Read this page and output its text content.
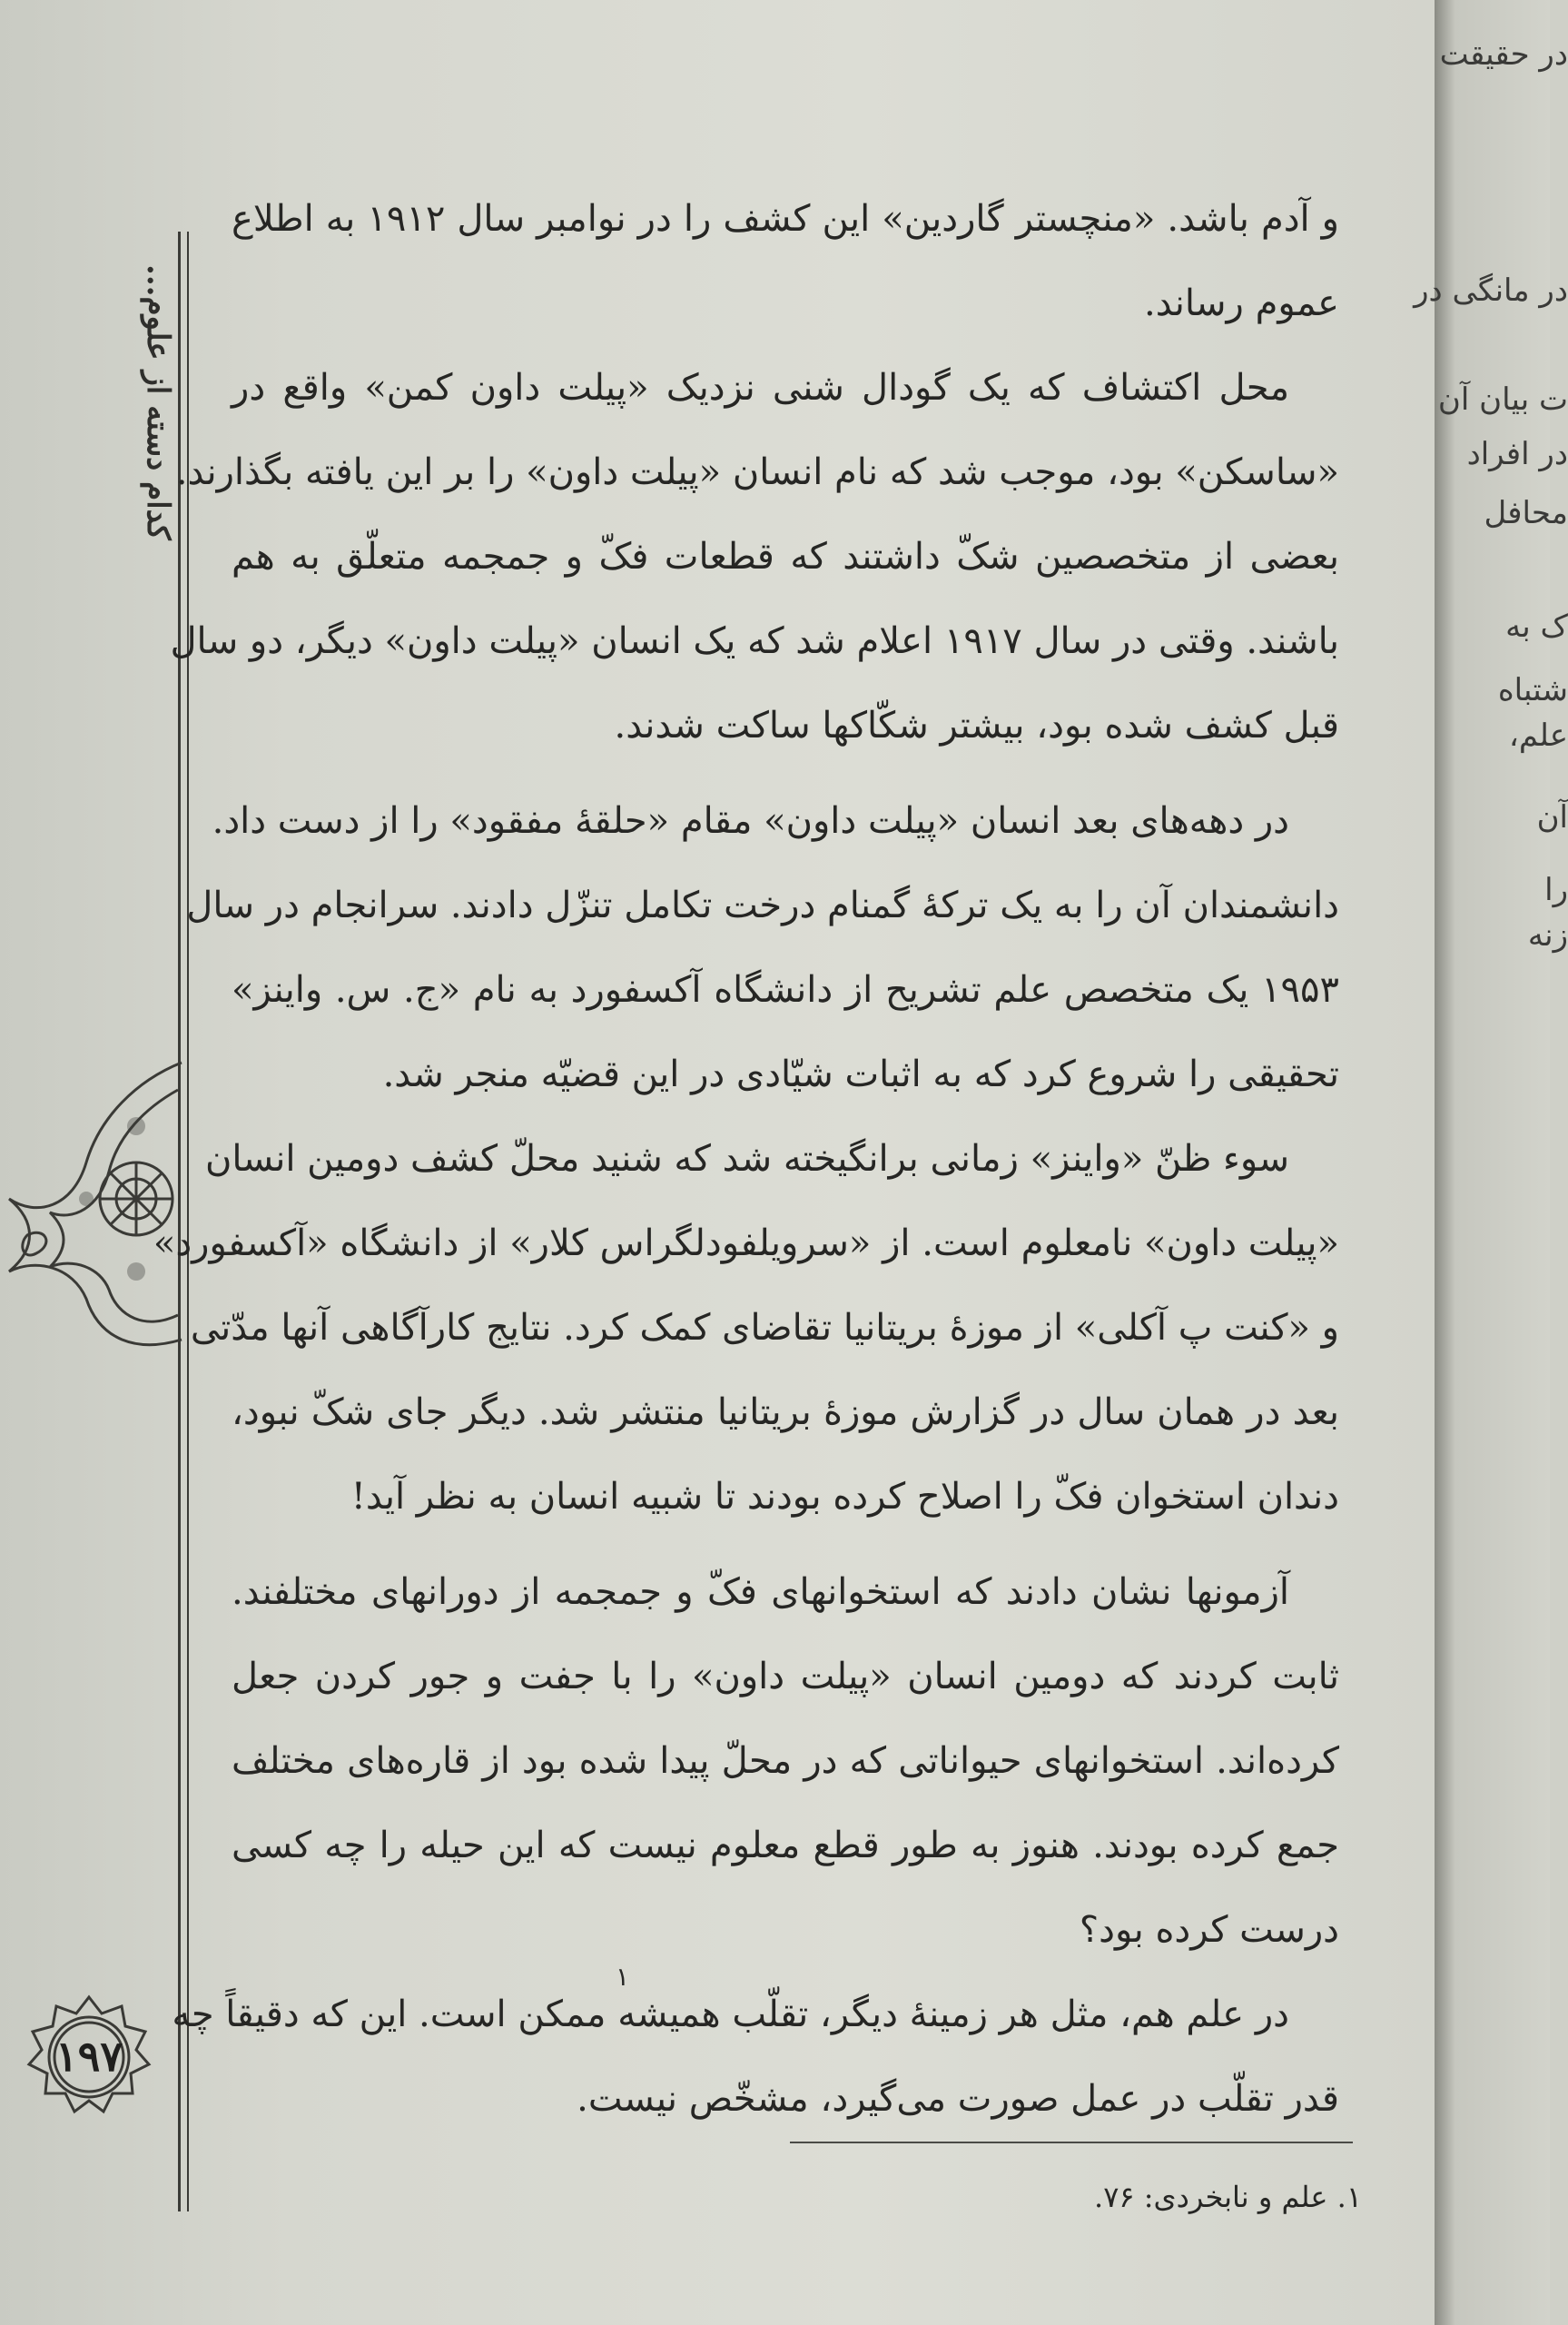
کدام دسته از علوم...
۱۹۷
و آدم باشد. «منچستر گاردین» این کشف را در نوامبر سال ۱۹۱۲ به اطلاع
عموم رساند.
محل اکتشاف که یک گودال شنی نزدیک «پیلت داون کمن» واقع در
«ساسکن» بود، موجب شد که نام انسان «پیلت داون» را بر این یافته بگذارند.
بعضی از متخصصین شکّ داشتند که قطعات فکّ و جمجمه متعلّق به هم
باشند. وقتی در سال ۱۹۱۷ اعلام شد که یک انسان «پیلت داون» دیگر، دو سال
قبل کشف شده بود، بیشتر شکّاکها ساکت شدند.
در دهه‌های بعد انسان «پیلت داون» مقام «حلقهٔ مفقود» را از دست داد.
دانشمندان آن را به یک ترکهٔ گمنام درخت تکامل تنزّل دادند. سرانجام در سال
۱۹۵۳ یک متخصص علم تشریح از دانشگاه آکسفورد به نام «ج. س. واینز»
تحقیقی را شروع کرد که به اثبات شیّادی در این قضیّه منجر شد.
سوء ظنّ «واینز» زمانی برانگیخته شد که شنید محلّ کشف دومین انسان
«پیلت داون» نامعلوم است. از «سرویلفودلگراس کلار» از دانشگاه «آکسفورد»
و «کنت پ آکلی» از موزهٔ بریتانیا تقاضای کمک کرد. نتایج کارآگاهی آنها مدّتی
بعد در همان سال در گزارش موزهٔ بریتانیا منتشر شد. دیگر جای شکّ نبود،
دندان استخوان فکّ را اصلاح کرده بودند تا شبیه انسان به نظر آید!
آزمونها نشان دادند که استخوانهای فکّ و جمجمه از دورانهای مختلفند.
ثابت کردند که دومین انسان «پیلت داون» را با جفت و جور کردن جعل
کرده‌اند. استخوانهای حیواناتی که در محلّ پیدا شده بود از قاره‌های مختلف
جمع کرده بودند. هنوز به طور قطع معلوم نیست که این حیله را چه کسی
درست کرده بود؟
در علم هم، مثل هر زمینهٔ دیگر، تقلّب همیشه ممکن است. این که دقیقاً چه
قدر تقلّب در عمل صورت می‌گیرد، مشخّص نیست.
۱
۱. علم و نابخردی: ۷۶.
در حقیقت
در مانگی در
ت بیان آن
در افراد
محافل
ک به
شتباه
علم،
آن
را
زنه
